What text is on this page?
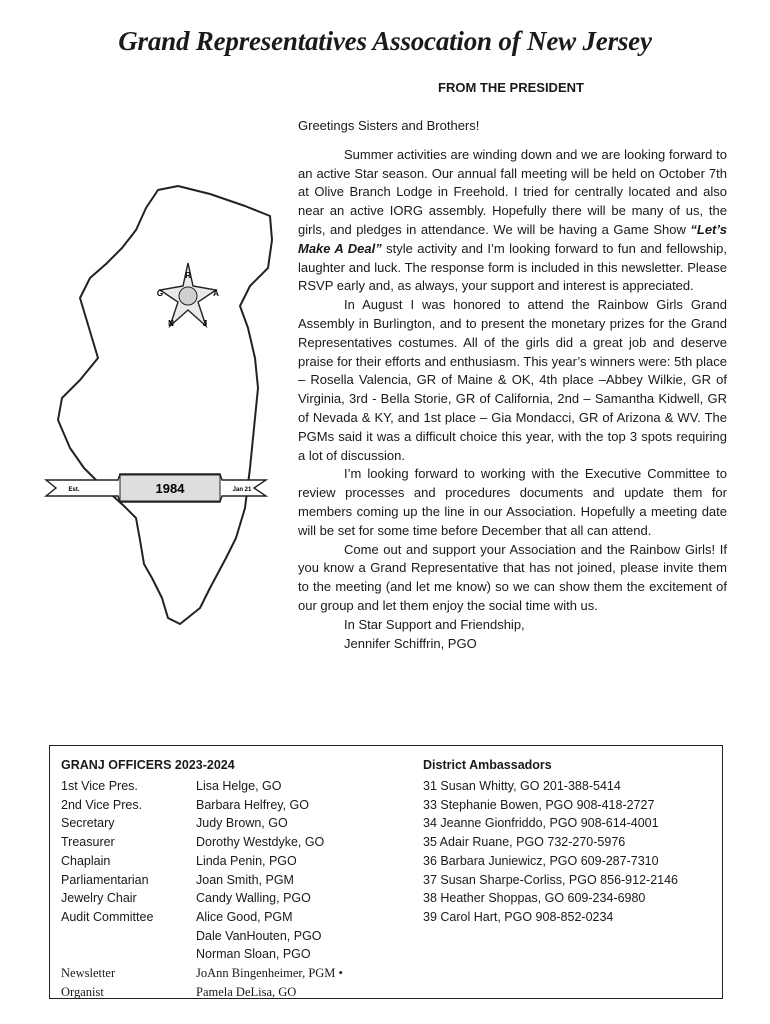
Grand Representatives Assocation of New Jersey
FROM THE PRESIDENT
R
G	A
N	J
Est.	1984	Jan 21

Greetings Sisters and Brothers!

Summer activities are winding down and we are looking forward to an active Star season. Our annual fall meeting will be held on October 7th at Olive Branch Lodge in Freehold. I tried for centrally located and also near an active IORG assembly. Hopefully there will be many of us, the girls, and pledges in attendance. We will be having a Game Show “Let’s Make A Deal” style activity and I’m looking forward to fun and fellowship, laughter and luck. The response form is included in this newsletter. Please RSVP early and, as always, your support and interest is appreciated.

In August I was honored to attend the Rainbow Girls Grand Assembly in Burlington, and to present the monetary prizes for the Grand Representatives costumes. All of the girls did a great job and deserve praise for their efforts and enthusiasm. This year’s winners were: 5th place – Rosella Valencia, GR of Maine & OK, 4th place –Abbey Wilkie, GR of Virginia, 3rd - Bella Storie, GR of California, 2nd – Samantha Kidwell, GR of Nevada & KY, and 1st place – Gia Mondacci, GR of Arizona & WV. The PGMs said it was a difficult choice this year, with the top 3 spots requiring a lot of discussion.

I’m looking forward to working with the Executive Committee to review processes and procedures documents and update them for members coming up the line in our Association. Hopefully a meeting date will be set for some time before December that all can attend.

Come out and support your Association and the Rainbow Girls! If you know a Grand Representative that has not joined, please invite them to the meeting (and let me know) so we can show them the excitement of our group and let them enjoy the social time with us.

In Star Support and Friendship,

Jennifer Schiffrin, PGO

GRANJ OFFICERS 2023-2024
1st Vice Pres.	Lisa Helge, GO
2nd Vice Pres.	Barbara Helfrey, GO
Secretary	Judy Brown, GO
Treasurer	Dorothy Westdyke, GO
Chaplain	Linda Penin, PGO
Parliamentarian	Joan Smith, PGM
Jewelry Chair	Candy Walling, PGO
Audit Committee	Alice Good, PGM
Dale VanHouten, PGO
Norman Sloan, PGO
Newsletter	JoAnn Bingenheimer, PGM •
Organist	Pamela DeLisa, GO
District Ambassadors
31 Susan Whitty, GO 201-388-5414
33 Stephanie Bowen, PGO 908-418-2727
34 Jeanne Gionfriddo, PGO 908-614-4001
35 Adair Ruane, PGO 732-270-5976
36 Barbara Juniewicz, PGO 609-287-7310
37 Susan Sharpe-Corliss, PGO 856-912-2146
38 Heather Shoppas, GO 609-234-6980
39 Carol Hart, PGO 908-852-0234
